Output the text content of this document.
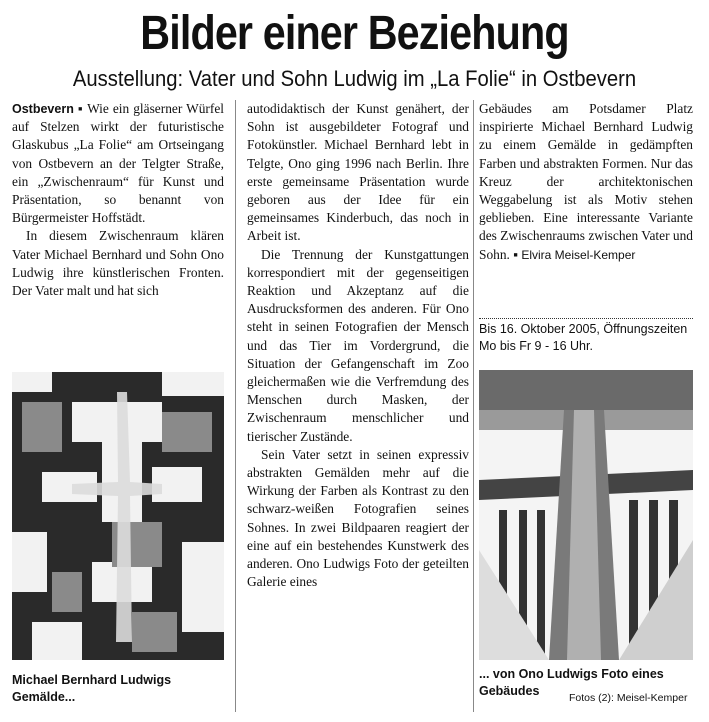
Bilder einer Beziehung
Ausstellung: Vater und Sohn Ludwig im „La Folie“ in Ostbevern

Ostbevern ▪ Wie ein gläserner Würfel auf Stelzen wirkt der futuristische Glaskubus „La Folie“ am Ortseingang von Ostbevern an der Telgter Straße, ein „Zwischenraum“ für Kunst und Präsentation, so benannt von Bürgermeister Hoffstädt.

In diesem Zwischenraum klären Vater Michael Bernhard und Sohn Ono Ludwig ihre künstlerischen Fronten. Der Vater malt und hat sich

autodidaktisch der Kunst genähert, der Sohn ist ausgebildeter Fotograf und Fotokünstler. Michael Bernhard lebt in Telgte, Ono ging 1996 nach Berlin. Ihre erste gemeinsame Präsentation wurde geboren aus der Idee für ein gemeinsames Kinderbuch, das noch in Arbeit ist.

Die Trennung der Kunstgattungen korrespondiert mit der gegenseitigen Reaktion und Akzeptanz auf die Ausdrucksformen des anderen. Für Ono steht in seinen Fotografien der Mensch und das Tier im Vordergrund, die Situation der Gefangenschaft im Zoo gleichermaßen wie die Verfremdung des Menschen durch Masken, der Zwischenraum menschlicher und tierischer Zustände.

Sein Vater setzt in seinen expressiv abstrakten Gemälden mehr auf die Wirkung der Farben als Kontrast zu den schwarz-weißen Fotografien seines Sohnes. In zwei Bildpaaren reagiert der eine auf ein bestehendes Kunstwerk des anderen. Ono Ludwigs Foto der geteilten Galerie eines

Gebäudes am Potsdamer Platz inspirierte Michael Bernhard Ludwig zu einem Gemälde in gedämpften Farben und abstrakten Formen. Nur das Kreuz der architektonischen Weggabelung ist als Motiv stehen geblieben. Eine interessante Variante des Zwischenraums zwischen Vater und Sohn. ▪ Elvira Meisel-Kemper

Bis 16. Oktober 2005, Öffnungszeiten Mo bis Fr 9 - 16 Uhr.
Michael Bernhard Ludwigs Gemälde...
... von Ono Ludwigs Foto eines Gebäudes	Fotos (2): Meisel-Kemper
